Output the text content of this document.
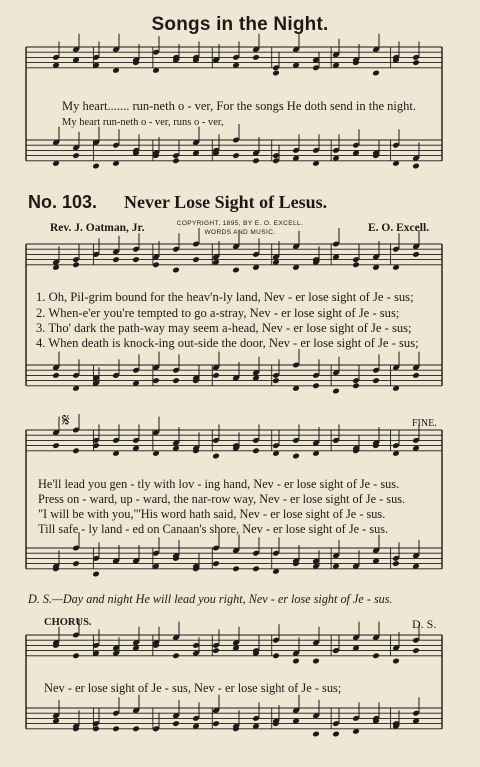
Songs in the Night.
My heart....... run-neth o - ver, For the songs He doth send in the night.
My heart run-neth o - ver, runs o - ver,
No. 103. Never Lose Sight of Lesus.
Rev. J. Oatman, Jr.	COPYRIGHT, 1895, BY E. O. EXCELL.
WORDS AND MUSIC.	E. O. Excell.
1. Oh, Pil-grim bound for the heav'n-ly land, Nev - er lose sight of Je - sus;
2. When-e'er you're tempted to go a-stray, Nev - er lose sight of Je - sus;
3. Tho' dark the path-way may seem a-head, Nev - er lose sight of Je - sus;
4. When death is knock-ing out-side the door, Nev - er lose sight of Je - sus;
𝄋	FINE.
He'll lead you gen - tly with lov - ing hand, Nev - er lose sight of Je - sus.
Press on - ward, up - ward, the nar-row way, Nev - er lose sight of Je - sus.
"I will be with you,"'His word hath said, Nev - er lose sight of Je - sus.
Till safe - ly land - ed on Canaan's shore, Nev - er lose sight of Je - sus.
D. S.—Day and night He will lead you right, Nev - er lose sight of Je - sus.
CHORUS.	D. S.
Nev - er lose sight of Je - sus, Nev - er lose sight of Je - sus;
